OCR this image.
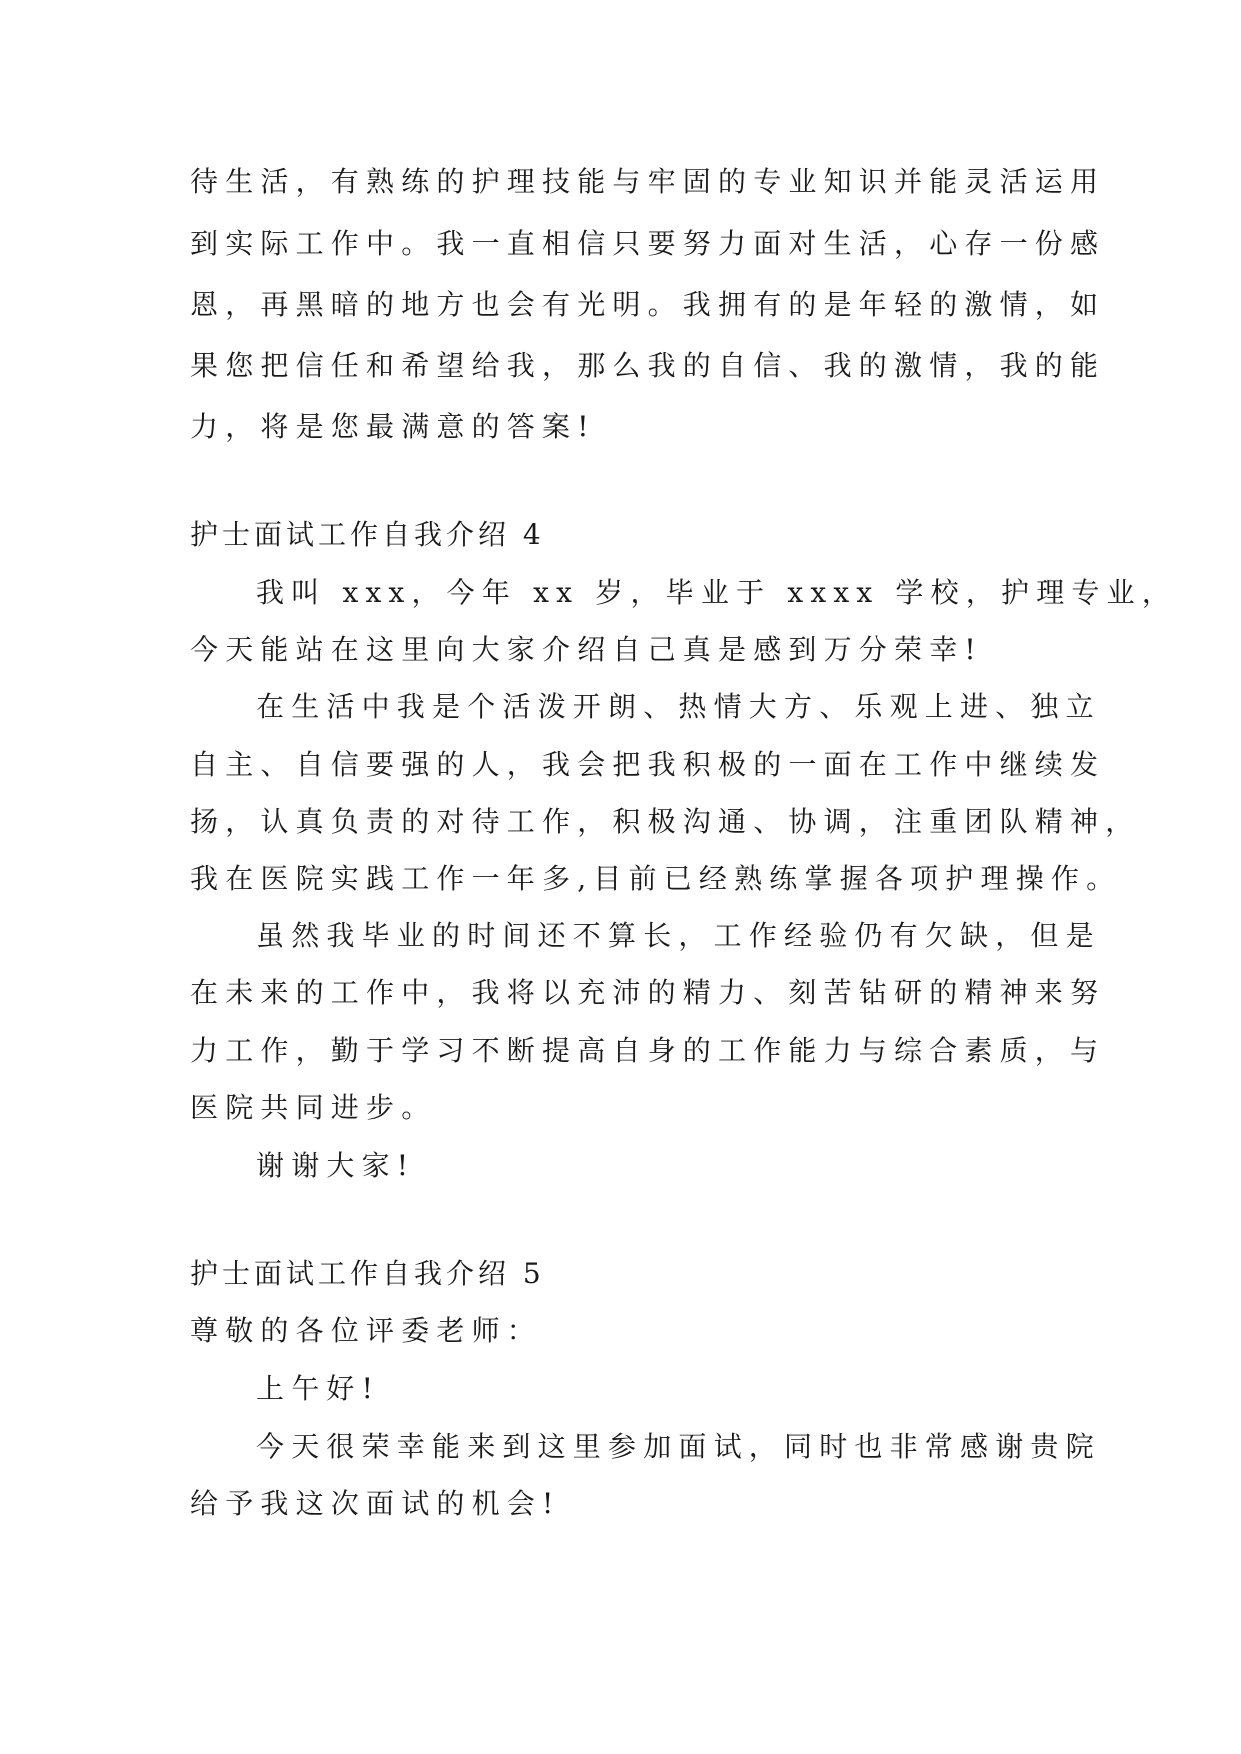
待生活，有熟练的护理技能与牢固的专业知识并能灵活运用
到实际工作中。我一直相信只要努力面对生活，心存一份感
恩，再黑暗的地方也会有光明。我拥有的是年轻的激情，如
果您把信任和希望给我，那么我的自信、我的激情，我的能
力，将是您最满意的答案!
护士面试工作自我介绍 4
我叫 xxx，今年 xx 岁，毕业于 xxxx 学校，护理专业，
今天能站在这里向大家介绍自己真是感到万分荣幸!
在生活中我是个活泼开朗、热情大方、乐观上进、独立
自主、自信要强的人，我会把我积极的一面在工作中继续发
扬，认真负责的对待工作，积极沟通、协调，注重团队精神，
我在医院实践工作一年多,目前已经熟练掌握各项护理操作。
虽然我毕业的时间还不算长，工作经验仍有欠缺，但是
在未来的工作中，我将以充沛的精力、刻苦钻研的精神来努
力工作，勤于学习不断提高自身的工作能力与综合素质，与
医院共同进步。
谢谢大家!
护士面试工作自我介绍 5
尊敬的各位评委老师：
上午好!
今天很荣幸能来到这里参加面试，同时也非常感谢贵院
给予我这次面试的机会!
